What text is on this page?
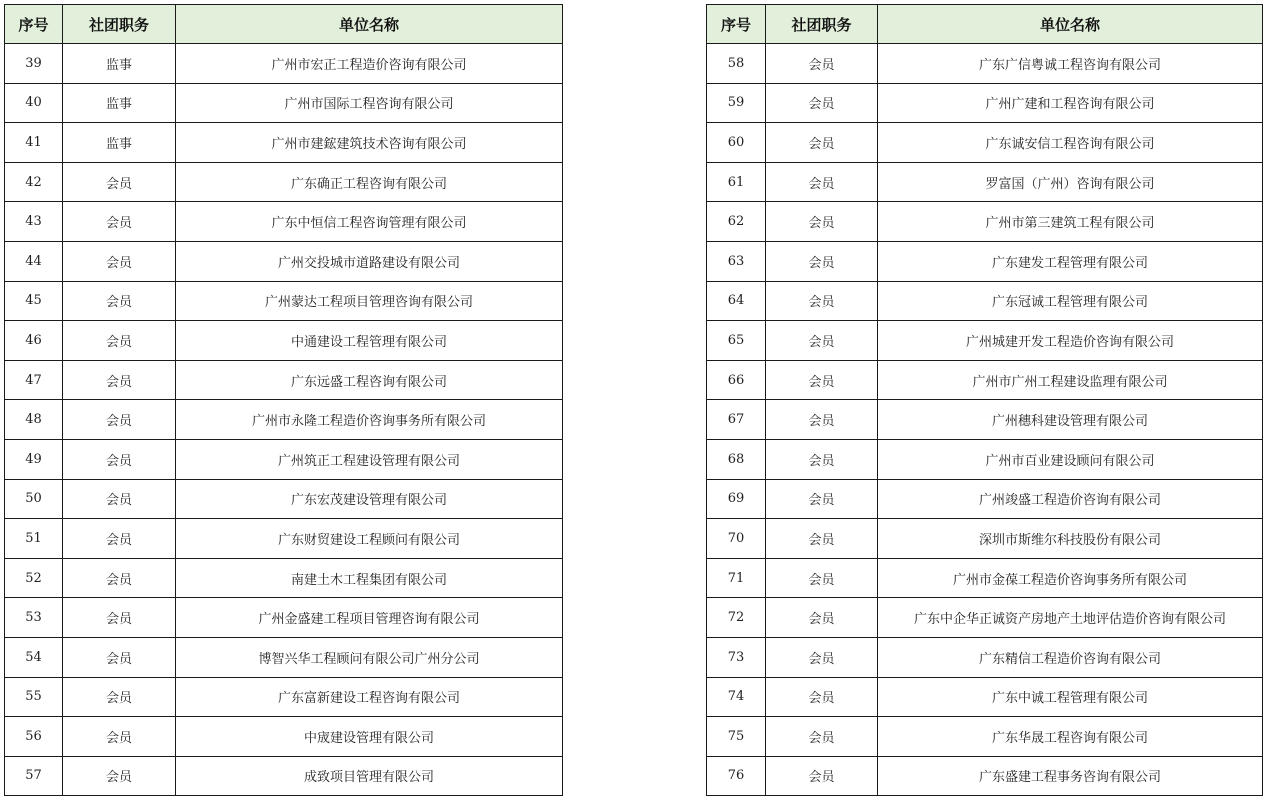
序号	社团职务	单位名称
39	监事	广州市宏正工程造价咨询有限公司
40	监事	广州市国际工程咨询有限公司
41	监事	广州市建鋐建筑技术咨询有限公司
42	会员	广东确正工程咨询有限公司
43	会员	广东中恒信工程咨询管理有限公司
44	会员	广州交投城市道路建设有限公司
45	会员	广州蒙达工程项目管理咨询有限公司
46	会员	中通建设工程管理有限公司
47	会员	广东远盛工程咨询有限公司
48	会员	广州市永隆工程造价咨询事务所有限公司
49	会员	广州筑正工程建设管理有限公司
50	会员	广东宏茂建设管理有限公司
51	会员	广东财贸建设工程顾问有限公司
52	会员	南建土木工程集团有限公司
53	会员	广州金盛建工程项目管理咨询有限公司
54	会员	博智兴华工程顾问有限公司广州分公司
55	会员	广东富新建设工程咨询有限公司
56	会员	中宬建设管理有限公司
57	会员	成致项目管理有限公司
序号	社团职务	单位名称
58	会员	广东广信粤诚工程咨询有限公司
59	会员	广州广建和工程咨询有限公司
60	会员	广东诚安信工程咨询有限公司
61	会员	罗富国（广州）咨询有限公司
62	会员	广州市第三建筑工程有限公司
63	会员	广东建发工程管理有限公司
64	会员	广东冠诚工程管理有限公司
65	会员	广州城建开发工程造价咨询有限公司
66	会员	广州市广州工程建设监理有限公司
67	会员	广州穗科建设管理有限公司
68	会员	广州市百业建设顾问有限公司
69	会员	广州竣盛工程造价咨询有限公司
70	会员	深圳市斯维尔科技股份有限公司
71	会员	广州市金葆工程造价咨询事务所有限公司
72	会员	广东中企华正诚资产房地产土地评估造价咨询有限公司
73	会员	广东精信工程造价咨询有限公司
74	会员	广东中诚工程管理有限公司
75	会员	广东华晟工程咨询有限公司
76	会员	广东盛建工程事务咨询有限公司
